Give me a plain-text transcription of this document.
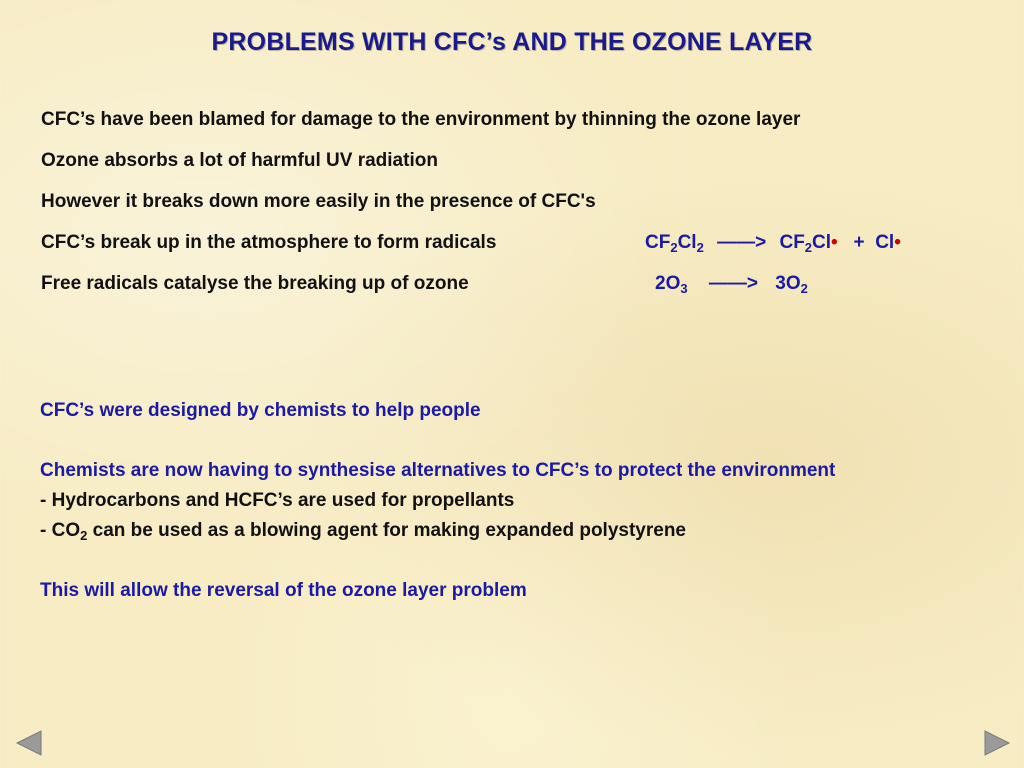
PROBLEMS WITH CFC’s AND THE OZONE LAYER
CFC’s have been blamed for damage to the environment by thinning the ozone layer
Ozone absorbs a lot of harmful UV radiation
However it breaks down more easily in the presence of CFC's
CFC’s break up in the atmosphere to form radicals
Free radicals catalyse the breaking up of ozone
$CF_2Cl_2$ ——> $CF_2Cl•$ + Cl•
$2O_3$ ——> $3O_2$
CFC’s were designed by chemists to help people
Chemists are now having to synthesise alternatives to CFC’s to protect the environment
- Hydrocarbons and HCFC’s are used for propellants
- $CO_2$ can be used as a blowing agent for making expanded polystyrene
This will allow the reversal of the ozone layer problem
